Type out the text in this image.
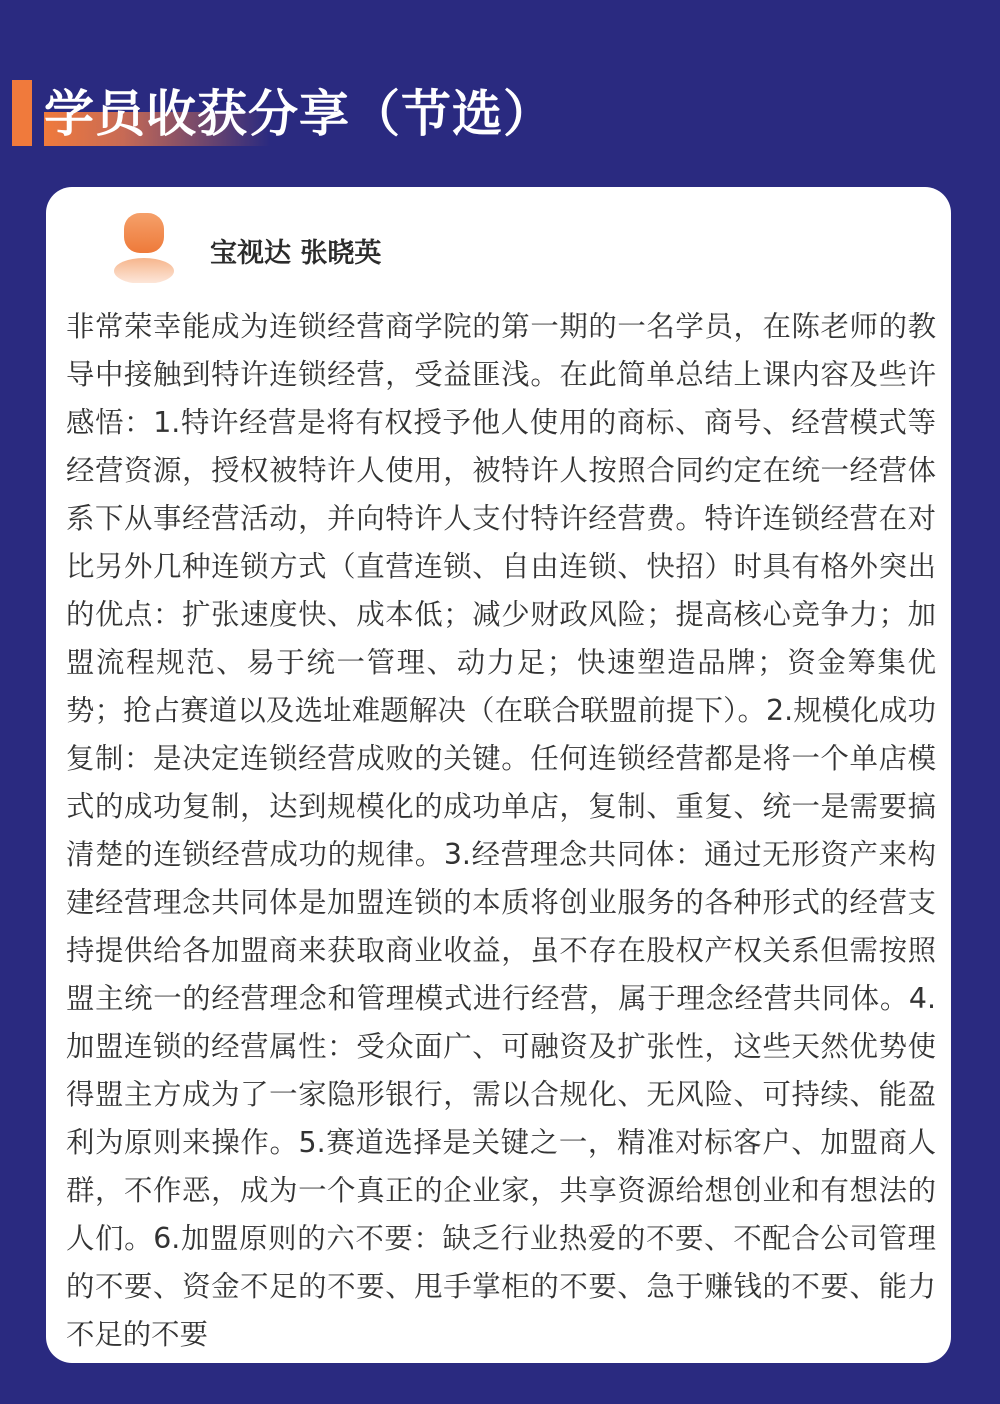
学员收获分享（节选）
宝视达 张晓英

非常荣幸能成为连锁经营商学院的第一期的一名学员，在陈老师的教导中接触到特许连锁经营，受益匪浅。在此简单总结上课内容及些许感悟：1.特许经营是将有权授予他人使用的商标、商号、经营模式等经营资源，授权被特许人使用，被特许人按照合同约定在统一经营体系下从事经营活动，并向特许人支付特许经营费。特许连锁经营在对比另外几种连锁方式（直营连锁、自由连锁、快招）时具有格外突出的优点：扩张速度快、成本低；减少财政风险；提高核心竞争力；加盟流程规范、易于统一管理、动力足；快速塑造品牌；资金筹集优势；抢占赛道以及选址难题解决（在联合联盟前提下）。2.规模化成功复制：是决定连锁经营成败的关键。任何连锁经营都是将一个单店模式的成功复制，达到规模化的成功单店，复制、重复、统一是需要搞清楚的连锁经营成功的规律。3.经营理念共同体：通过无形资产来构建经营理念共同体是加盟连锁的本质将创业服务的各种形式的经营支持提供给各加盟商来获取商业收益，虽不存在股权产权关系但需按照盟主统一的经营理念和管理模式进行经营，属于理念经营共同体。4.加盟连锁的经营属性：受众面广、可融资及扩张性，这些天然优势使得盟主方成为了一家隐形银行，需以合规化、无风险、可持续、能盈利为原则来操作。5.赛道选择是关键之一，精准对标客户、加盟商人群，不作恶，成为一个真正的企业家，共享资源给想创业和有想法的人们。6.加盟原则的六不要：缺乏行业热爱的不要、不配合公司管理的不要、资金不足的不要、甩手掌柜的不要、急于赚钱的不要、能力不足的不要
